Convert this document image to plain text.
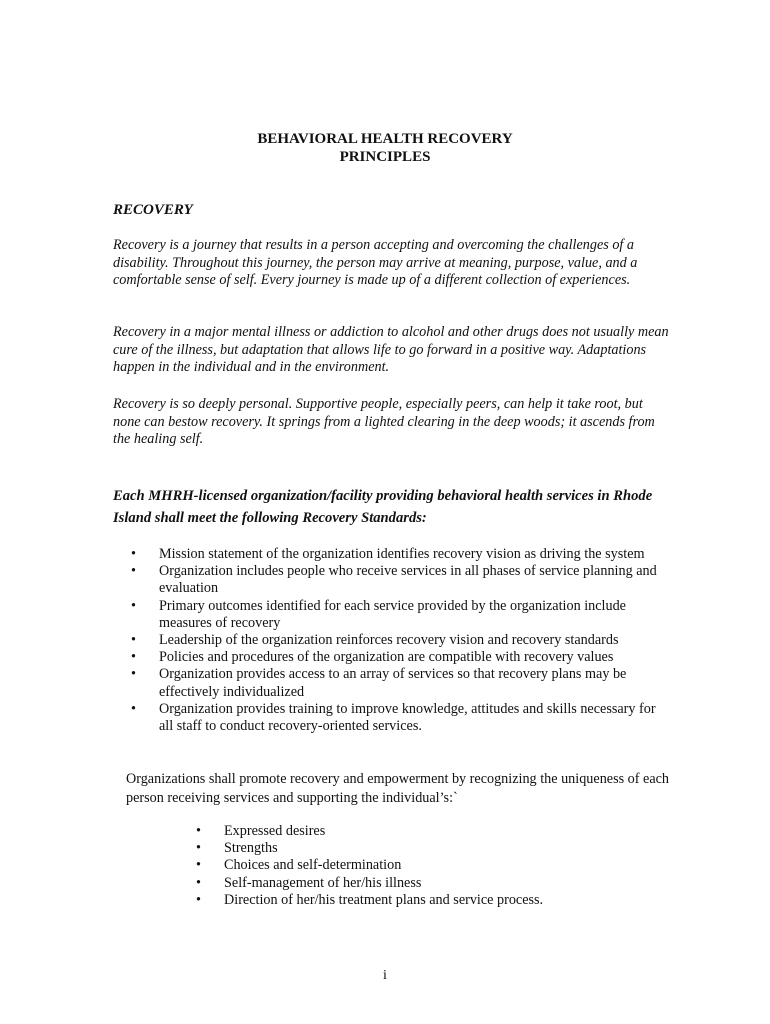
BEHAVIORAL HEALTH RECOVERY
PRINCIPLES
RECOVERY
Recovery is a journey that results in a person accepting and overcoming the challenges of a disability. Throughout this journey, the person may arrive at meaning, purpose, value, and a comfortable sense of self. Every journey is made up of a different collection of experiences.
Recovery in a major mental illness or addiction to alcohol and other drugs does not usually mean cure of the illness, but adaptation that allows life to go forward in a positive way. Adaptations happen in the individual and in the environment.
Recovery is so deeply personal. Supportive people, especially peers, can help it take root, but none can bestow recovery. It springs from a lighted clearing in the deep woods; it ascends from the healing self.
Each MHRH-licensed organization/facility providing behavioral health services in Rhode Island shall meet the following Recovery Standards:
• Mission statement of the organization identifies recovery vision as driving the system
• Organization includes people who receive services in all phases of service planning and evaluation
• Primary outcomes identified for each service provided by the organization include measures of recovery
• Leadership of the organization reinforces recovery vision and recovery standards
• Policies and procedures of the organization are compatible with recovery values
• Organization provides access to an array of services so that recovery plans may be effectively individualized
• Organization provides training to improve knowledge, attitudes and skills necessary for all staff to conduct recovery-oriented services.
Organizations shall promote recovery and empowerment by recognizing the uniqueness of each person receiving services and supporting the individual’s:`
• Expressed desires
• Strengths
• Choices and self-determination
• Self-management of her/his illness
• Direction of her/his treatment plans and service process.
i
